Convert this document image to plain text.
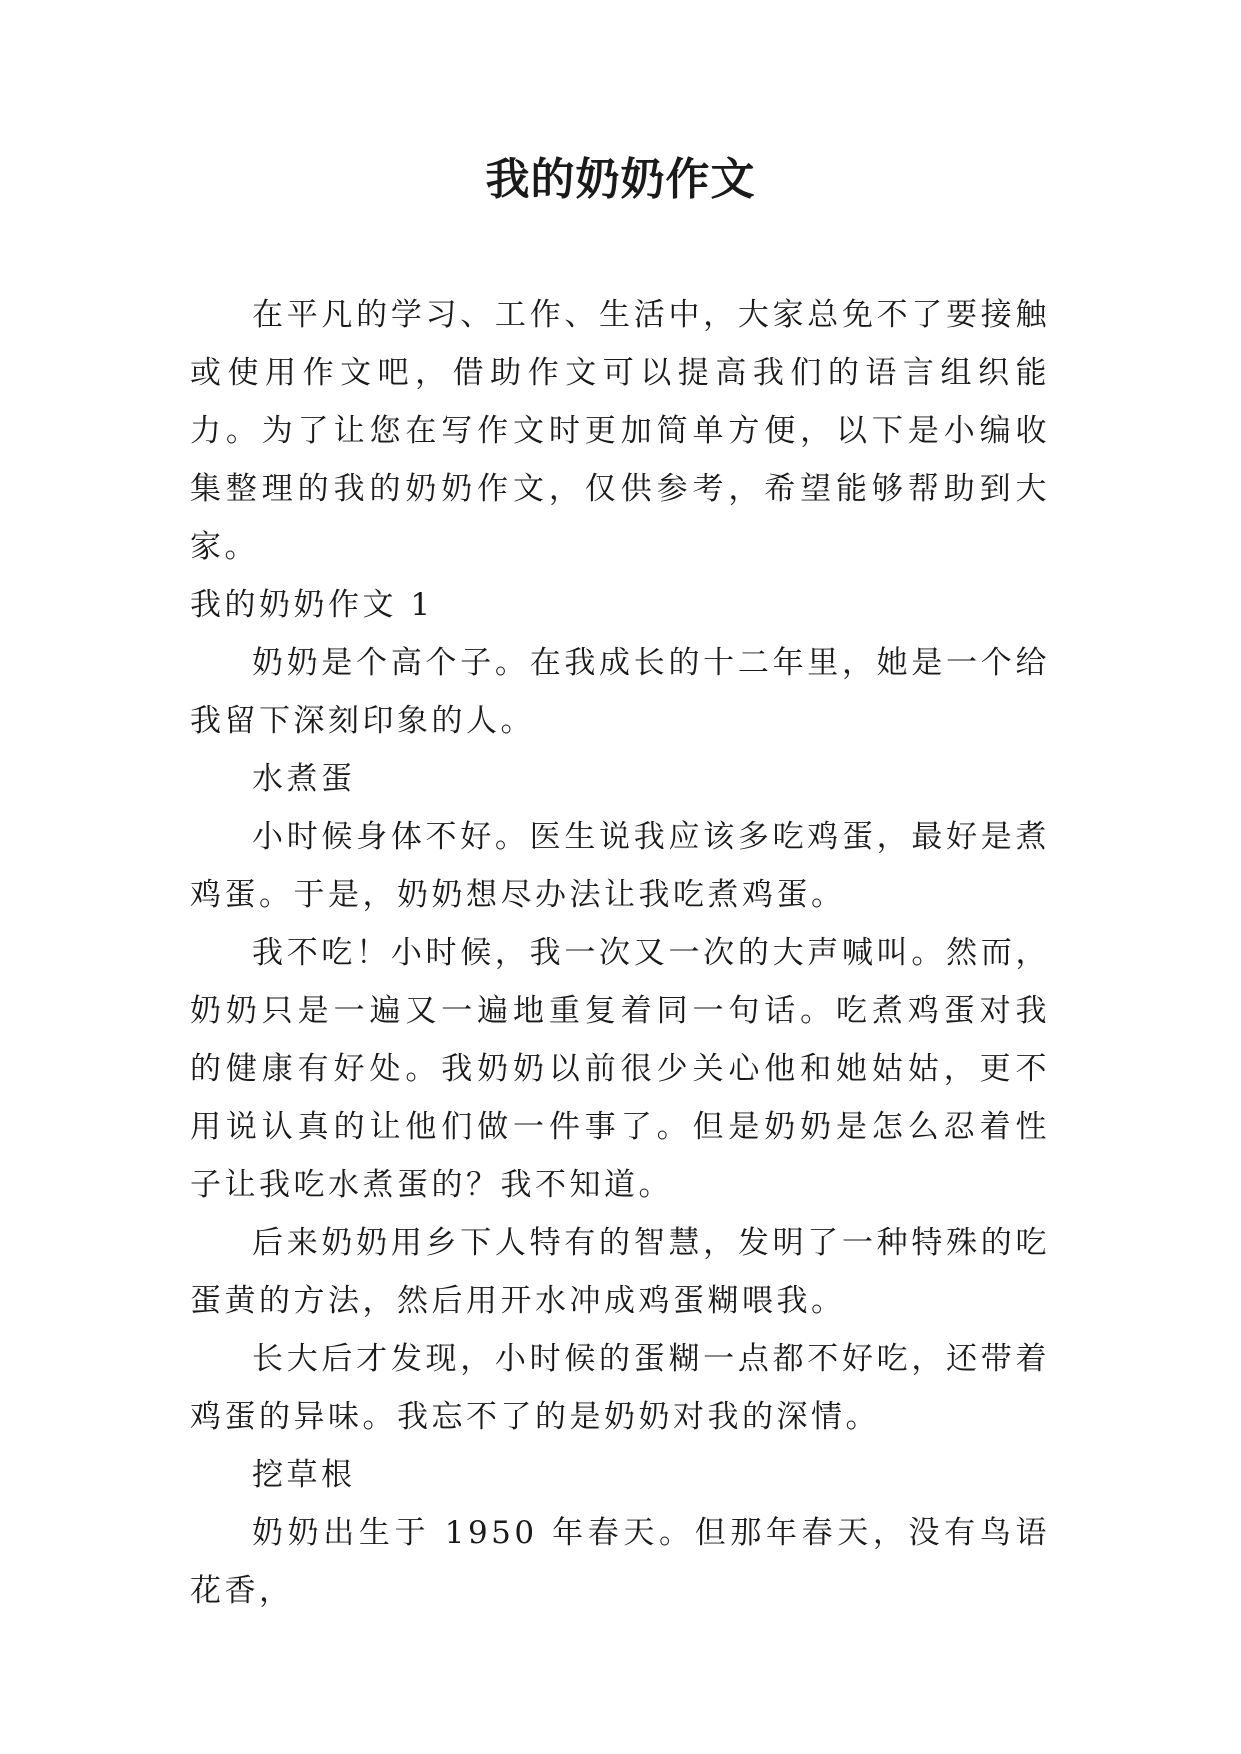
我的奶奶作文

在平凡的学习、工作、生活中，大家总免不了要接触或使用作文吧，借助作文可以提高我们的语言组织能力。为了让您在写作文时更加简单方便，以下是小编收集整理的我的奶奶作文，仅供参考，希望能够帮助到大家。

我的奶奶作文 1

奶奶是个高个子。在我成长的十二年里，她是一个给我留下深刻印象的人。

水煮蛋

小时候身体不好。医生说我应该多吃鸡蛋，最好是煮鸡蛋。于是，奶奶想尽办法让我吃煮鸡蛋。

我不吃！小时候，我一次又一次的大声喊叫。然而，奶奶只是一遍又一遍地重复着同一句话。吃煮鸡蛋对我的健康有好处。我奶奶以前很少关心他和她姑姑，更不用说认真的让他们做一件事了。但是奶奶是怎么忍着性子让我吃水煮蛋的？我不知道。

后来奶奶用乡下人特有的智慧，发明了一种特殊的吃蛋黄的方法，然后用开水冲成鸡蛋糊喂我。

长大后才发现，小时候的蛋糊一点都不好吃，还带着鸡蛋的异味。我忘不了的是奶奶对我的深情。

挖草根

奶奶出生于 1950 年春天。但那年春天，没有鸟语花香，
